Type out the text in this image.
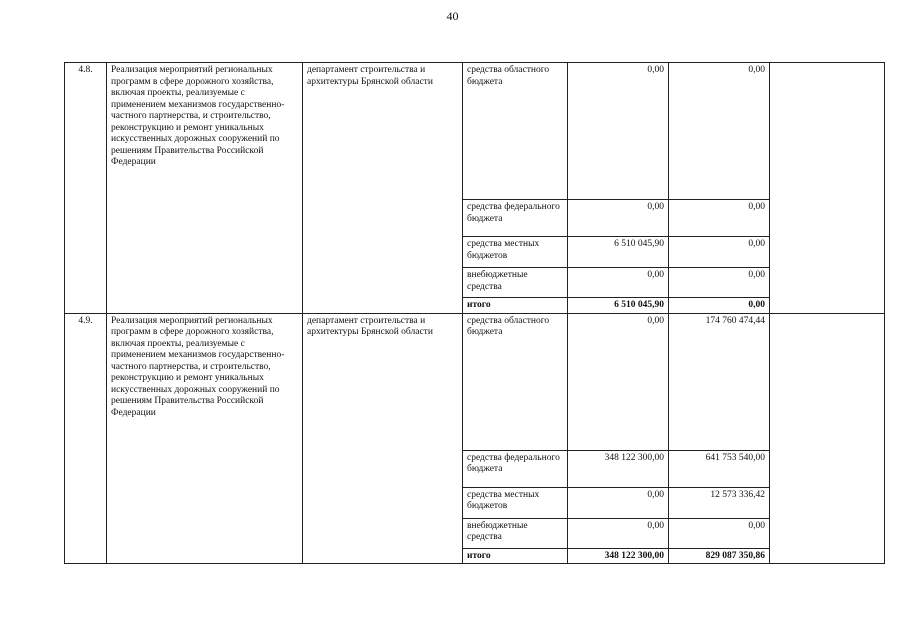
40
4.8.	Реализация мероприятий региональных программ в сфере дорожного хозяйства, включая проекты, реализуемые с применением механизмов государственно-частного партнерства, и строительство, реконструкцию и ремонт уникальных искусственных дорожных сооружений по решениям Правительства Российской Федерации	департамент строительства и архитектуры Брянской области	средства областного бюджета	0,00	0,00	
			средства федерального бюджета	0,00	0,00	
			средства местных бюджетов	6 510 045,90	0,00	
			внебюджетные средства	0,00	0,00	
			итого	6 510 045,90	0,00	
4.9.	Реализация мероприятий региональных программ в сфере дорожного хозяйства, включая проекты, реализуемые с применением механизмов государственно-частного партнерства, и строительство, реконструкцию и ремонт уникальных искусственных дорожных сооружений по решениям Правительства Российской Федерации	департамент строительства и архитектуры Брянской области	средства областного бюджета	0,00	174 760 474,44	
			средства федерального бюджета	348 122 300,00	641 753 540,00	
			средства местных бюджетов	0,00	12 573 336,42	
			внебюджетные средства	0,00	0,00	
			итого	348 122 300,00	829 087 350,86	
